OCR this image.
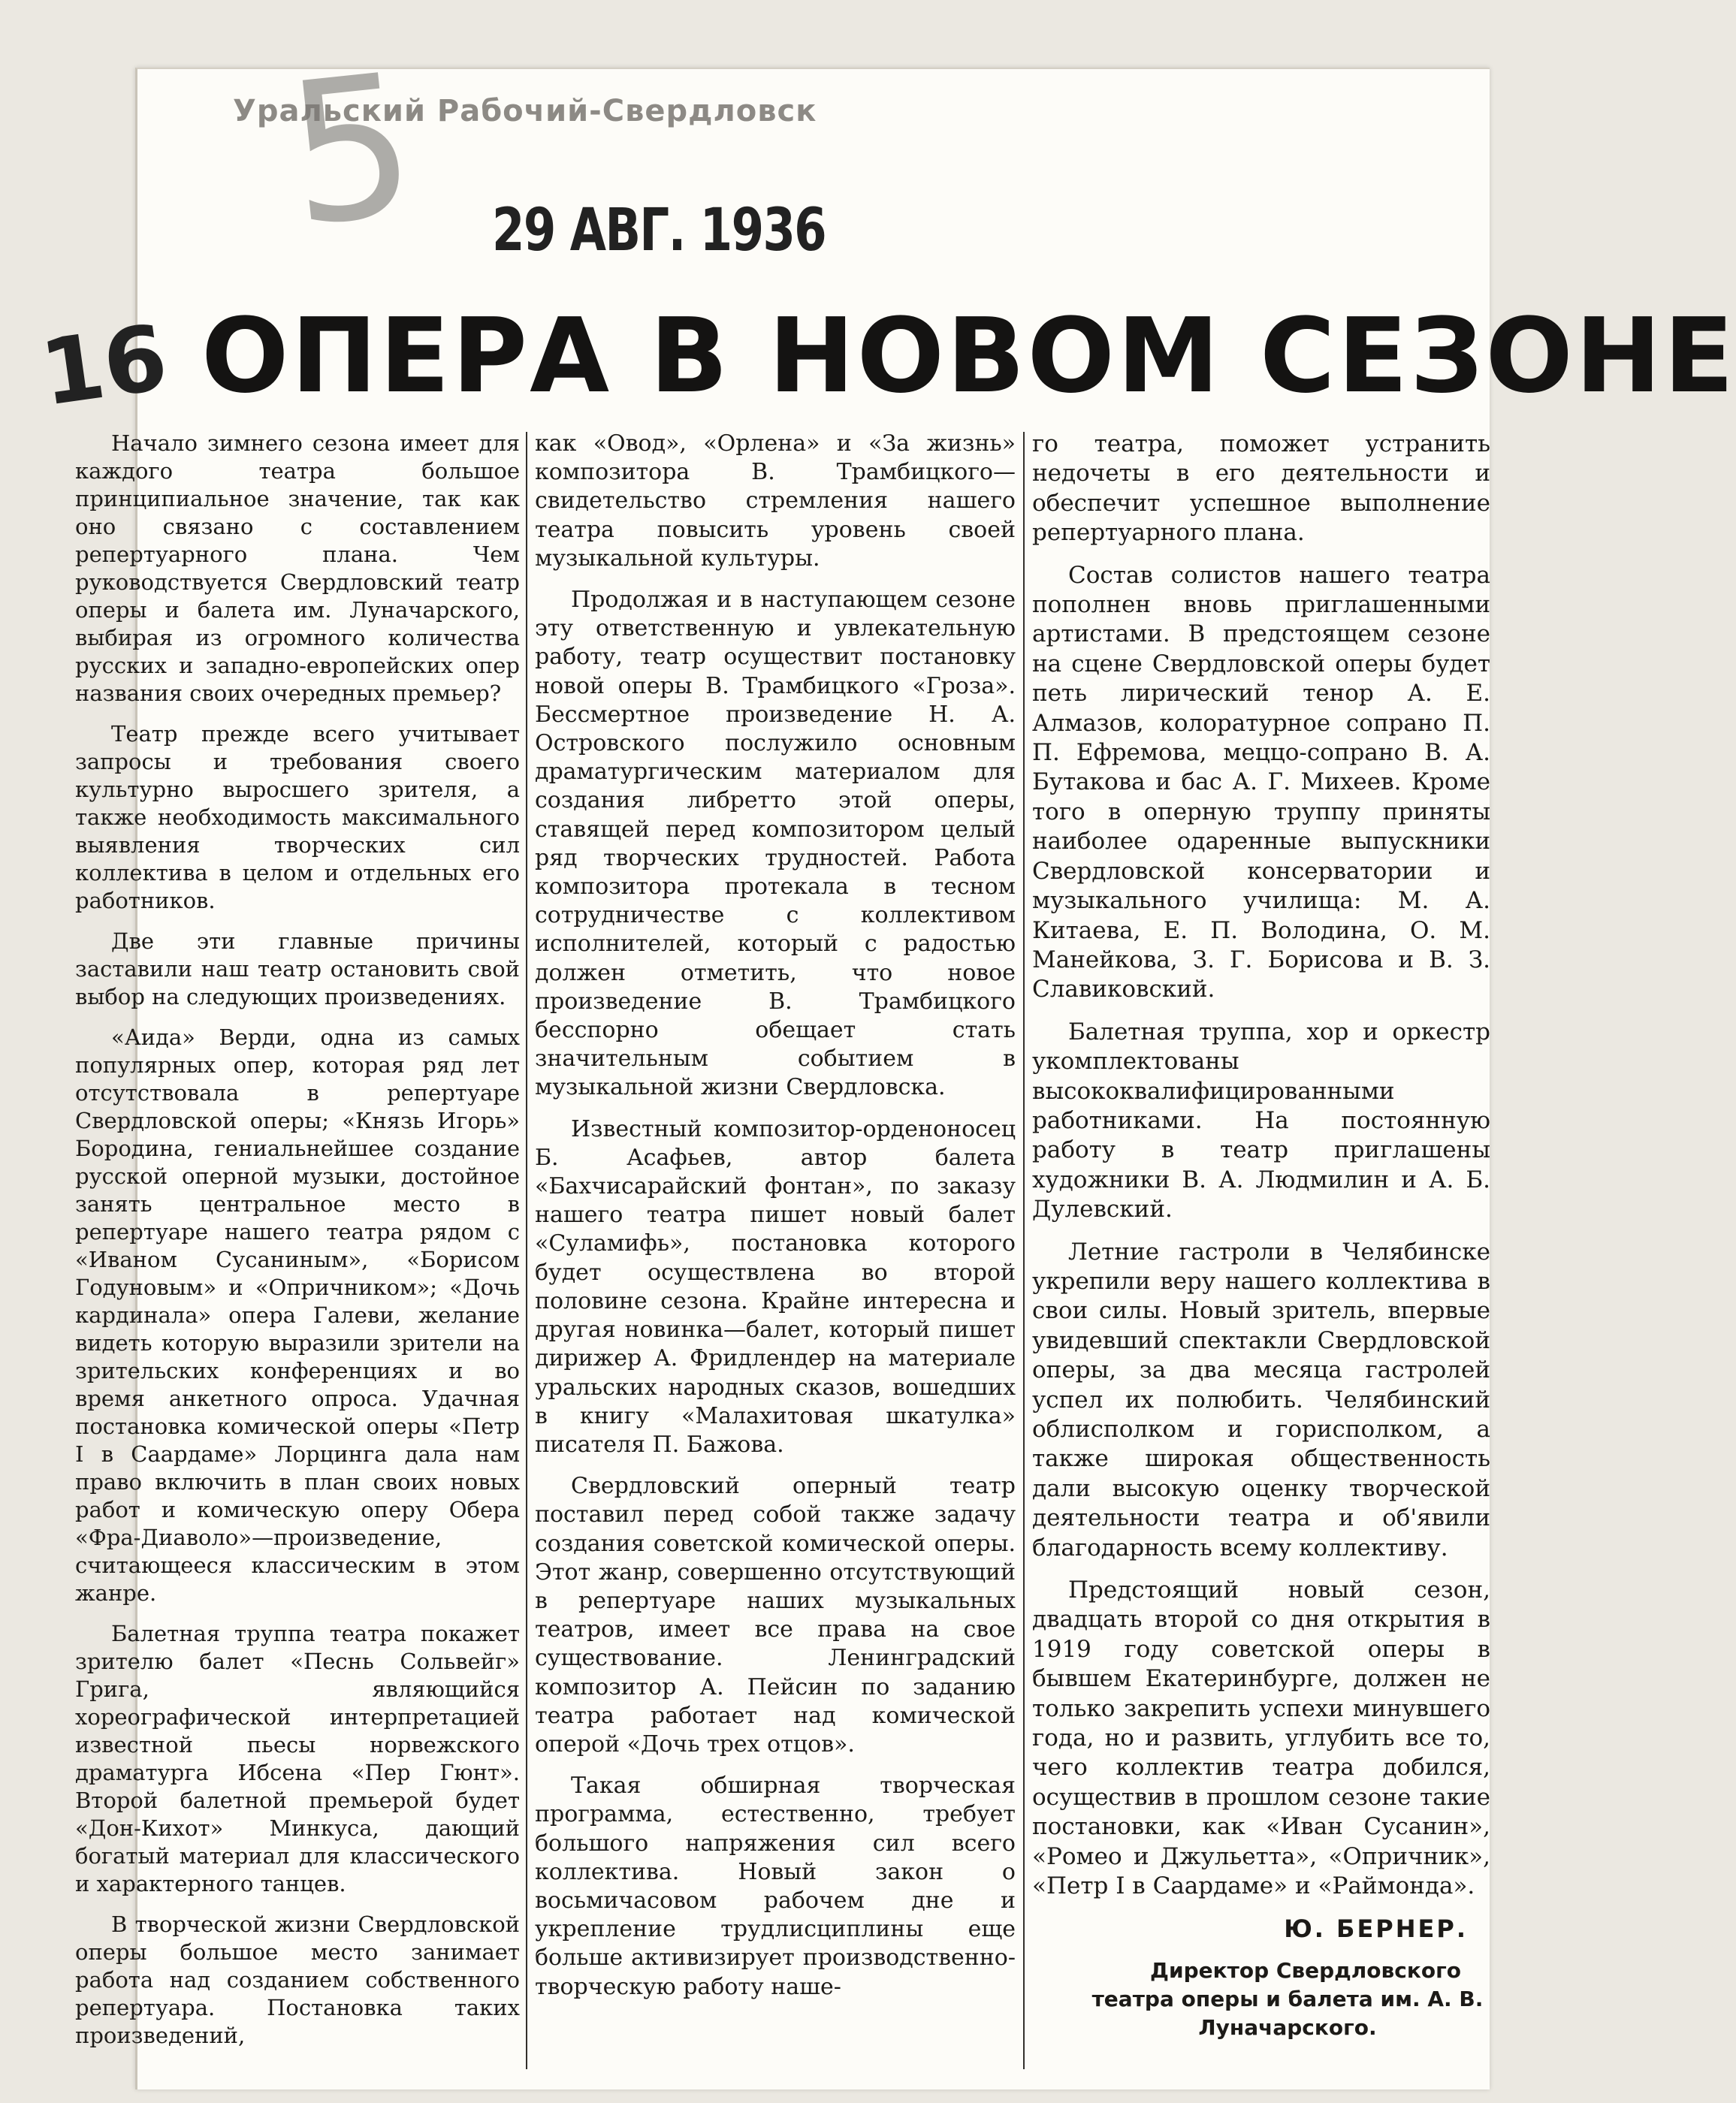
5
Уральский Рабочий-Свердловск
29 АВГ. 1936
16 ОПЕРА В НОВОМ СЕЗОНЕ

Начало зимнего сезона имеет для каждого театра большое принципиальное значение, так как оно связано с составлением репертуарного плана. Чем руководствуется Свердловский театр оперы и балета им. Луначарского, выбирая из огромного количества русских и западно-европейских опер названия своих очередных премьер?

Театр прежде всего учитывает запросы и требования своего культурно выросшего зрителя, а также необходимость максимального выявления творческих сил коллектива в целом и отдельных его работников.

Две эти главные причины заставили наш театр остановить свой выбор на следующих произведениях.

«Аида» Верди, одна из самых популярных опер, которая ряд лет отсутствовала в репертуаре Свердловской оперы; «Князь Игорь» Бородина, гениальнейшее создание русской оперной музыки, достойное занять центральное место в репертуаре нашего театра рядом с «Иваном Сусаниным», «Борисом Годуновым» и «Опричником»; «Дочь кардинала» опера Галеви, желание видеть которую выразили зрители на зрительских конференциях и во время анкетного опроса. Удачная постановка комической оперы «Петр I в Саардаме» Лорцинга дала нам право включить в план своих новых работ и комическую оперу Обера «Фра-Диаволо»—произведение, считающееся классическим в этом жанре.

Балетная труппа театра покажет зрителю балет «Песнь Сольвейг» Грига, являющийся хореографической интерпретацией известной пьесы норвежского драматурга Ибсена «Пер Гюнт». Второй балетной премьерой будет «Дон-Кихот» Минкуса, дающий богатый материал для классического и характерного танцев.

В творческой жизни Свердловской оперы большое место занимает работа над созданием собственного репертуара. Постановка таких произведений,

как «Овод», «Орлена» и «За жизнь» композитора В. Трамбицкого—свидетельство стремления нашего театра повысить уровень своей музыкальной культуры.

Продолжая и в наступающем сезоне эту ответственную и увлекательную работу, театр осуществит постановку новой оперы В. Трамбицкого «Гроза». Бессмертное произведение Н. А. Островского послужило основным драматургическим материалом для создания либретто этой оперы, ставящей перед композитором целый ряд творческих трудностей. Работа композитора протекала в тесном сотрудничестве с коллективом исполнителей, который с радостью должен отметить, что новое произведение В. Трамбицкого бесспорно обещает стать значительным событием в музыкальной жизни Свердловска.

Известный композитор-орденоносец Б. Асафьев, автор балета «Бахчисарайский фонтан», по заказу нашего театра пишет новый балет «Суламифь», постановка которого будет осуществлена во второй половине сезона. Крайне интересна и другая новинка—балет, который пишет дирижер А. Фридлендер на материале уральских народных сказов, вошедших в книгу «Малахитовая шкатулка» писателя П. Бажова.

Свердловский оперный театр поставил перед собой также задачу создания советской комической оперы. Этот жанр, совершенно отсутствующий в репертуаре наших музыкальных театров, имеет все права на свое существование. Ленинградский композитор А. Пейсин по заданию театра работает над комической оперой «Дочь трех отцов».

Такая обширная творческая программа, естественно, требует большого напряжения сил всего коллектива. Новый закон о восьмичасовом рабочем дне и укрепление трудлисциплины еще больше активизирует производственно-творческую работу наше-

го театра, поможет устранить недочеты в его деятельности и обеспечит успешное выполнение репертуарного плана.

Состав солистов нашего театра пополнен вновь приглашенными артистами. В предстоящем сезоне на сцене Свердловской оперы будет петь лирический тенор А. Е. Алмазов, колоратурное сопрано П. П. Ефремова, меццо-сопрано В. А. Бутакова и бас А. Г. Михеев. Кроме того в оперную труппу приняты наиболее одаренные выпускники Свердловской консерватории и музыкального училища: М. А. Китаева, Е. П. Володина, О. М. Манейкова, З. Г. Борисова и В. З. Славиковский.

Балетная труппа, хор и оркестр укомплектованы высококвалифицированными работниками. На постоянную работу в театр приглашены художники В. А. Людмилин и А. Б. Дулевский.

Летние гастроли в Челябинске укрепили веру нашего коллектива в свои силы. Новый зритель, впервые увидевший спектакли Свердловской оперы, за два месяца гастролей успел их полюбить. Челябинский облисполком и горисполком, а также широкая общественность дали высокую оценку творческой деятельности театра и об'явили благодарность всему коллективу.

Предстоящий новый сезон, двадцать второй со дня открытия в 1919 году советской оперы в бывшем Екатеринбурге, должен не только закрепить успехи минувшего года, но и развить, углубить все то, чего коллектив театра добился, осуществив в прошлом сезоне такие постановки, как «Иван Сусанин», «Ромео и Джульетта», «Опричник», «Петр I в Саардаме» и «Раймонда».

Ю. БЕРНЕР.

Директор Свердловского театра оперы и балета им. А. В. Луначарского.
